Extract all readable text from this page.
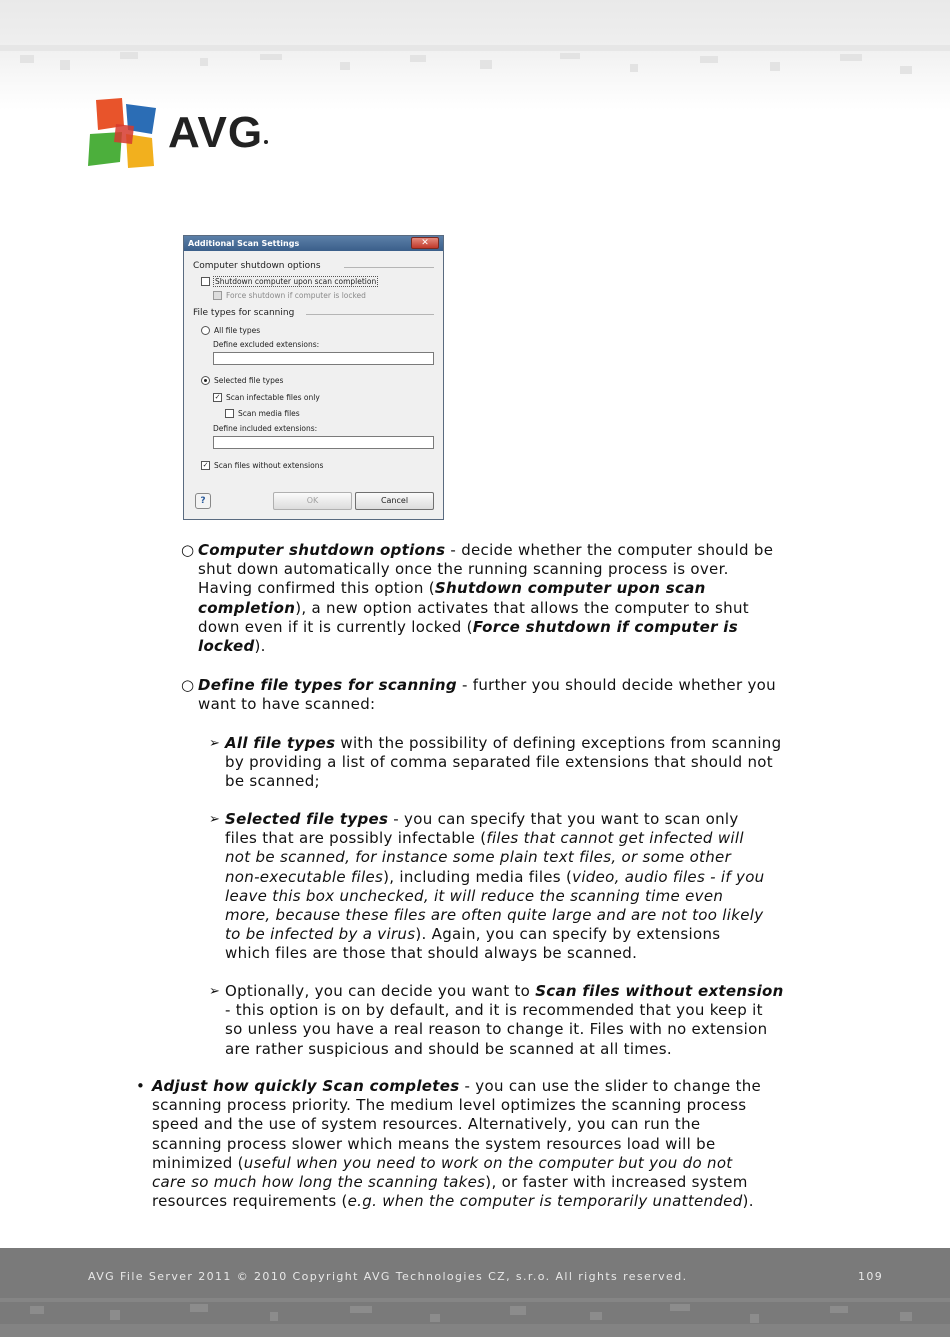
AVG
Additional Scan Settings	✕
Computer shutdown options
Shutdown computer upon scan completion
Force shutdown if computer is locked
File types for scanning
All file types
Define excluded extensions:
Selected file types
✓ Scan infectable files only
Scan media files
Define included extensions:
✓ Scan files without extensions
?	OK	Cancel
○ Computer shutdown options - decide whether the computer should be
shut down automatically once the running scanning process is over.
Having confirmed this option (Shutdown computer upon scan
completion), a new option activates that allows the computer to shut
down even if it is currently locked (Force shutdown if computer is
locked).
○ Define file types for scanning - further you should decide whether you
want to have scanned:
➢ All file types with the possibility of defining exceptions from scanning
by providing a list of comma separated file extensions that should not
be scanned;
➢ Selected file types - you can specify that you want to scan only
files that are possibly infectable (files that cannot get infected will
not be scanned, for instance some plain text files, or some other
non-executable files), including media files (video, audio files - if you
leave this box unchecked, it will reduce the scanning time even
more, because these files are often quite large and are not too likely
to be infected by a virus). Again, you can specify by extensions
which files are those that should always be scanned.
➢ Optionally, you can decide you want to Scan files without extension
- this option is on by default, and it is recommended that you keep it
so unless you have a real reason to change it. Files with no extension
are rather suspicious and should be scanned at all times.
• Adjust how quickly Scan completes - you can use the slider to change the
scanning process priority. The medium level optimizes the scanning process
speed and the use of system resources. Alternatively, you can run the
scanning process slower which means the system resources load will be
minimized (useful when you need to work on the computer but you do not
care so much how long the scanning takes), or faster with increased system
resources requirements (e.g. when the computer is temporarily unattended).
AVG File Server 2011 © 2010 Copyright AVG Technologies CZ, s.r.o. All rights reserved.	109
